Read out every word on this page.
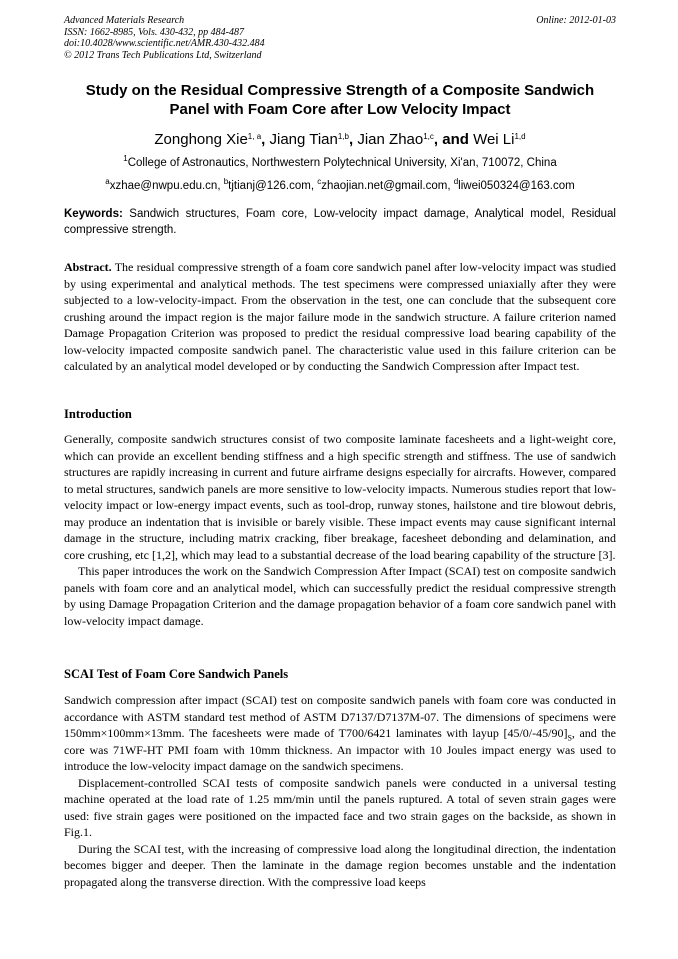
Advanced Materials Research
ISSN: 1662-8985, Vols. 430-432, pp 484-487
doi:10.4028/www.scientific.net/AMR.430-432.484
© 2012 Trans Tech Publications Ltd, Switzerland
Online: 2012-01-03
Study on the Residual Compressive Strength of a Composite Sandwich
Panel with Foam Core after Low Velocity Impact
Zonghong Xie$^{1, a}$, Jiang Tian$^{1,b}$, Jian Zhao$^{1,c}$, and Wei Li$^{1,d}$
$^1$College of Astronautics, Northwestern Polytechnical University, Xi'an, 710072, China
$^a$xzhae@nwpu.edu.cn, $^b$tjtianj@126.com, $^c$zhaojian.net@gmail.com, $^d$liwei050324@163.com
Keywords: Sandwich structures, Foam core, Low-velocity impact damage, Analytical model, Residual compressive strength.

Abstract. The residual compressive strength of a foam core sandwich panel after low-velocity impact was studied by using experimental and analytical methods. The test specimens were compressed uniaxially after they were subjected to a low-velocity-impact. From the observation in the test, one can conclude that the subsequent core crushing around the impact region is the major failure mode in the sandwich structure. A failure criterion named Damage Propagation Criterion was proposed to predict the residual compressive load bearing capability of the low-velocity impacted composite sandwich panel. The characteristic value used in this failure criterion can be calculated by an analytical model developed or by conducting the Sandwich Compression after Impact test.

Introduction

Generally, composite sandwich structures consist of two composite laminate facesheets and a light-weight core, which can provide an excellent bending stiffness and a high specific strength and stiffness. The use of sandwich structures are rapidly increasing in current and future airframe designs especially for aircrafts. However, compared to metal structures, sandwich panels are more sensitive to low-velocity impacts. Numerous studies report that low-velocity impact or low-energy impact events, such as tool-drop, runway stones, hailstone and tire blowout debris, may produce an indentation that is invisible or barely visible. These impact events may cause significant internal damage in the structure, including matrix cracking, fiber breakage, facesheet debonding and delamination, and core crushing, etc [1,2], which may lead to a substantial decrease of the load bearing capability of the structure [3].

This paper introduces the work on the Sandwich Compression After Impact (SCAI) test on composite sandwich panels with foam core and an analytical model, which can successfully predict the residual compressive strength by using Damage Propagation Criterion and the damage propagation behavior of a foam core sandwich panel with low-velocity impact damage.

SCAI Test of Foam Core Sandwich Panels

Sandwich compression after impact (SCAI) test on composite sandwich panels with foam core was conducted in accordance with ASTM standard test method of ASTM D7137/D7137M-07. The dimensions of specimens were 150mm×100mm×13mm. The facesheets were made of T700/6421 laminates with layup $[45/0/-45/90]_S$, and the core was 71WF-HT PMI foam with 10mm thickness. An impactor with 10 Joules impact energy was used to introduce the low-velocity impact damage on the sandwich specimens.

Displacement-controlled SCAI tests of composite sandwich panels were conducted in a universal testing machine operated at the load rate of 1.25 mm/min until the panels ruptured. A total of seven strain gages were used: five strain gages were positioned on the impacted face and two strain gages on the backside, as shown in Fig.1.

During the SCAI test, with the increasing of compressive load along the longitudinal direction, the indentation becomes bigger and deeper. Then the laminate in the damage region becomes unstable and the indentation propagated along the transverse direction. With the compressive load keeps
